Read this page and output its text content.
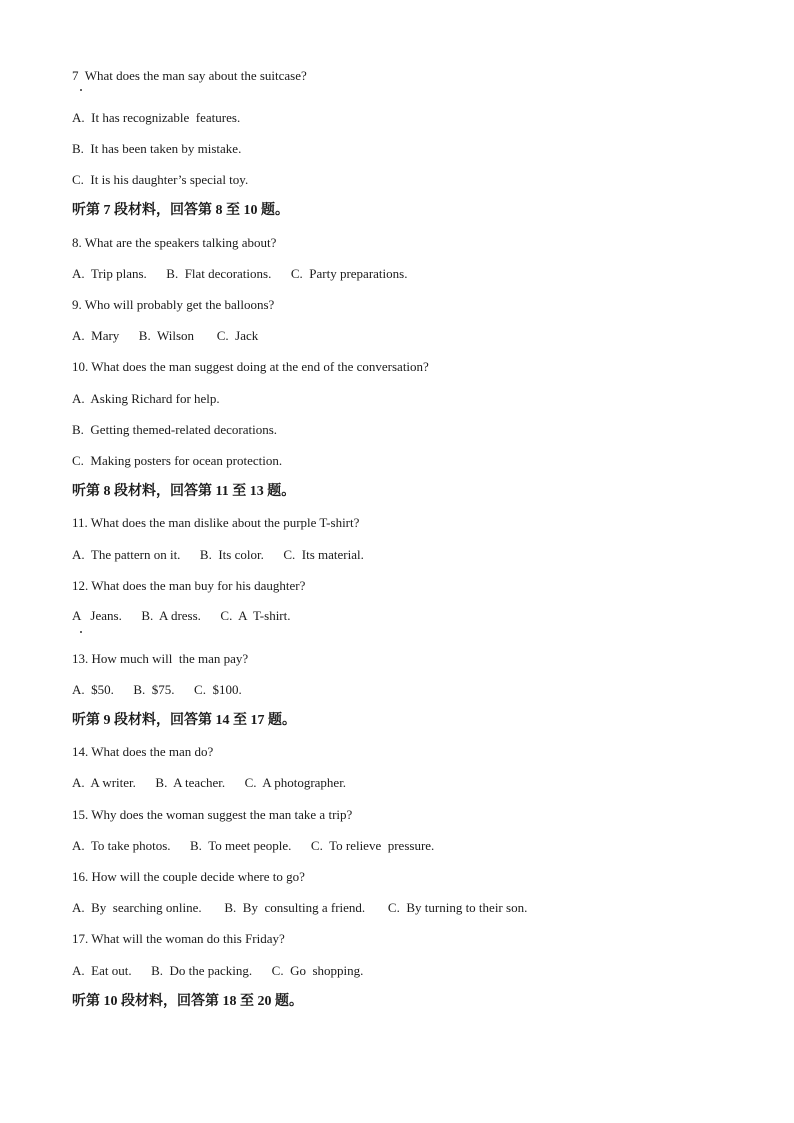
7  What does the man say about the suitcase?

A.  It has recognizable  features.

B.  It has been taken by mistake.

C.  It is his daughter’s special toy.

听第 7 段材料，回答第 8 至 10 题。

8. What are the speakers talking about?

A.  Trip plans.      B.  Flat decorations.      C.  Party preparations.

9. Who will probably get the balloons?

A.  Mary      B.  Wilson       C.  Jack

10. What does the man suggest doing at the end of the conversation?

A.  Asking Richard for help.

B.  Getting themed-related decorations.

C.  Making posters for ocean protection.

听第 8 段材料，回答第 11 至 13 题。

11. What does the man dislike about the purple T-shirt?

A.  The pattern on it.      B.  Its color.      C.  Its material.

12. What does the man buy for his daughter?

A   Jeans.      B.  A dress.      C.  A  T-shirt.

13. How much will  the man pay?

A.  $50.      B.  $75.      C.  $100.

听第 9 段材料，回答第 14 至 17 题。

14. What does the man do?

A.  A writer.      B.  A teacher.      C.  A photographer.

15. Why does the woman suggest the man take a trip?

A.  To take photos.      B.  To meet people.      C.  To relieve  pressure.

16. How will the couple decide where to go?

A.  By  searching online.       B.  By  consulting a friend.       C.  By turning to their son.

17. What will the woman do this Friday?

A.  Eat out.      B.  Do the packing.      C.  Go  shopping.

听第 10 段材料，回答第 18 至 20 题。
